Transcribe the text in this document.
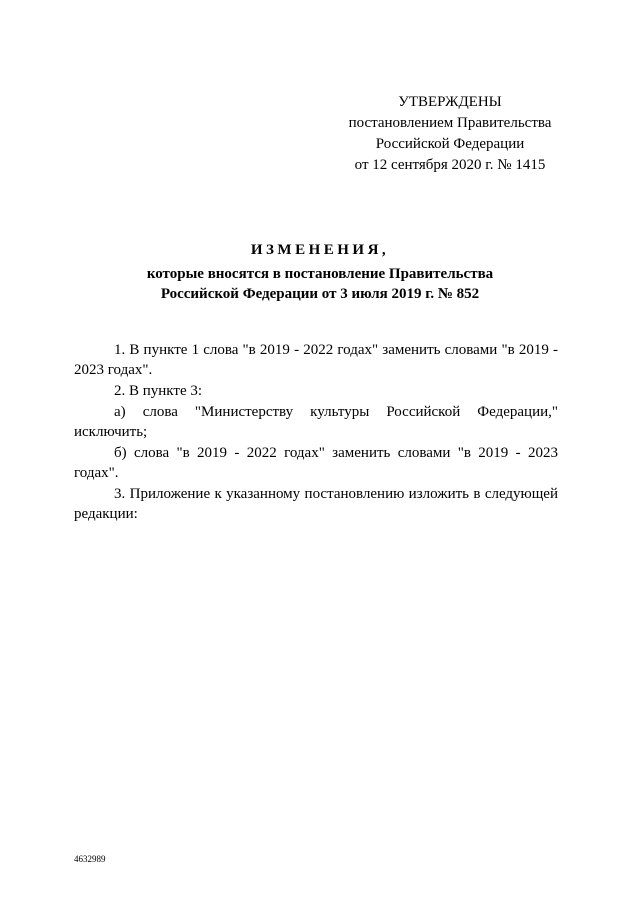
УТВЕРЖДЕНЫ
постановлением Правительства
Российской Федерации
от 12 сентября 2020 г. № 1415
ИЗМЕНЕНИЯ,
которые вносятся в постановление Правительства
Российской Федерации от 3 июля 2019 г. № 852

1. В пункте 1 слова "в 2019 - 2022 годах" заменить словами "в 2019 - 2023 годах".

2. В пункте 3:

а) слова "Министерству культуры Российской Федерации," исключить;

б) слова "в 2019 - 2022 годах" заменить словами "в 2019 - 2023 годах".

3. Приложение к указанному постановлению изложить в следующей редакции:

4632989
